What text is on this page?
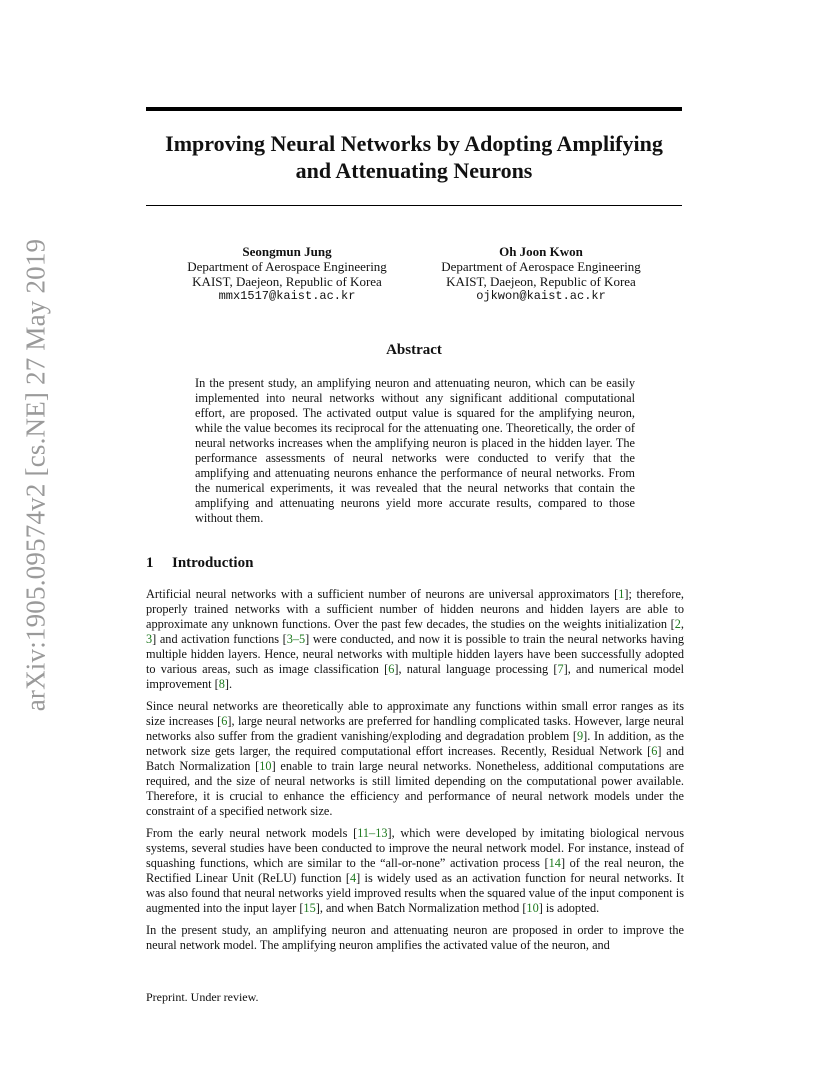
arXiv:1905.09574v2 [cs.NE] 27 May 2019
Improving Neural Networks by Adopting Amplifying
and Attenuating Neurons
Seongmun Jung
Department of Aerospace Engineering
KAIST, Daejeon, Republic of Korea
mmx1517@kaist.ac.kr
Oh Joon Kwon
Department of Aerospace Engineering
KAIST, Daejeon, Republic of Korea
ojkwon@kaist.ac.kr
Abstract
In the present study, an amplifying neuron and attenuating neuron, which can be easily implemented into neural networks without any significant additional computational effort, are proposed. The activated output value is squared for the amplifying neuron, while the value becomes its reciprocal for the attenuating one. Theoretically, the order of neural networks increases when the amplifying neuron is placed in the hidden layer. The performance assessments of neural networks were conducted to verify that the amplifying and attenuating neurons enhance the performance of neural networks. From the numerical experiments, it was revealed that the neural networks that contain the amplifying and attenuating neurons yield more accurate results, compared to those without them.
1 Introduction

Artificial neural networks with a sufficient number of neurons are universal approximators [1]; therefore, properly trained networks with a sufficient number of hidden neurons and hidden layers are able to approximate any unknown functions. Over the past few decades, the studies on the weights initialization [2, 3] and activation functions [3–5] were conducted, and now it is possible to train the neural networks having multiple hidden layers. Hence, neural networks with multiple hidden layers have been successfully adopted to various areas, such as image classification [6], natural language processing [7], and numerical model improvement [8].

Since neural networks are theoretically able to approximate any functions within small error ranges as its size increases [6], large neural networks are preferred for handling complicated tasks. However, large neural networks also suffer from the gradient vanishing/exploding and degradation problem [9]. In addition, as the network size gets larger, the required computational effort increases. Recently, Residual Network [6] and Batch Normalization [10] enable to train large neural networks. Nonetheless, additional computations are required, and the size of neural networks is still limited depending on the computational power available. Therefore, it is crucial to enhance the efficiency and performance of neural network models under the constraint of a specified network size.

From the early neural network models [11–13], which were developed by imitating biological nervous systems, several studies have been conducted to improve the neural network model. For instance, instead of squashing functions, which are similar to the “all-or-none” activation process [14] of the real neuron, the Rectified Linear Unit (ReLU) function [4] is widely used as an activation function for neural networks. It was also found that neural networks yield improved results when the squared value of the input component is augmented into the input layer [15], and when Batch Normalization method [10] is adopted.

In the present study, an amplifying neuron and attenuating neuron are proposed in order to improve the neural network model. The amplifying neuron amplifies the activated value of the neuron, and

Preprint. Under review.
